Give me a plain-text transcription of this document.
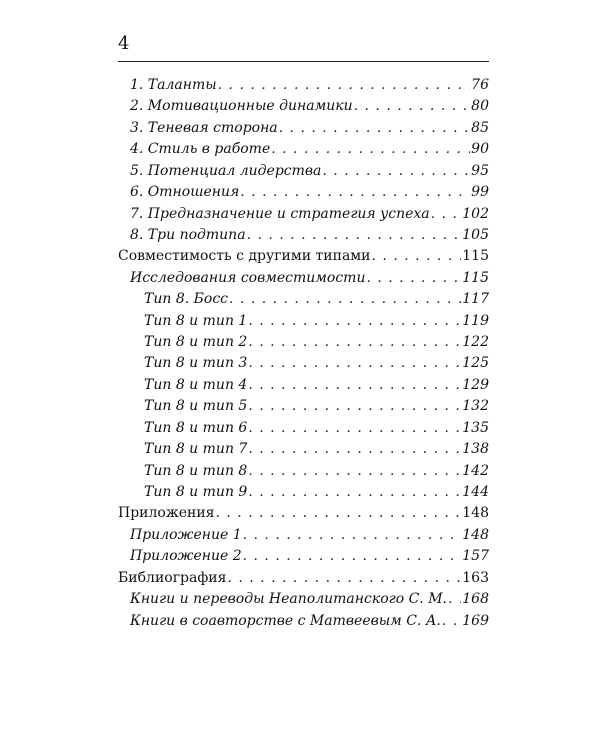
4
1. Таланты . . .	76
2. Мотивационные динамики . . .	80
3. Теневая сторона . . .	85
4. Стиль в работе . . .	90
5. Потенциал лидерства . . .	95
6. Отношения . . .	99
7. Предназначение и стратегия успеха . . . 102
8. Три подтипа . . .	105
Совместимость с другими типами . . .	115
Исследования совместимости . . .	115
Тип 8. Босс . . .	117
Тип 8 и тип 1 . . .	119
Тип 8 и тип 2 . . .	122
Тип 8 и тип 3 . . .	125
Тип 8 и тип 4 . . .	129
Тип 8 и тип 5 . . .	132
Тип 8 и тип 6 . . .	135
Тип 8 и тип 7 . . .	138
Тип 8 и тип 8 . . .	142
Тип 8 и тип 9 . . .	144
Приложения . . .	148
Приложение 1 . . .	148
Приложение 2 . . .	157
Библиография . . .	163
Книги и переводы Неаполитанского С. М. . . . 168
Книги в соавторстве с Матвеевым С. А. . . . 169
